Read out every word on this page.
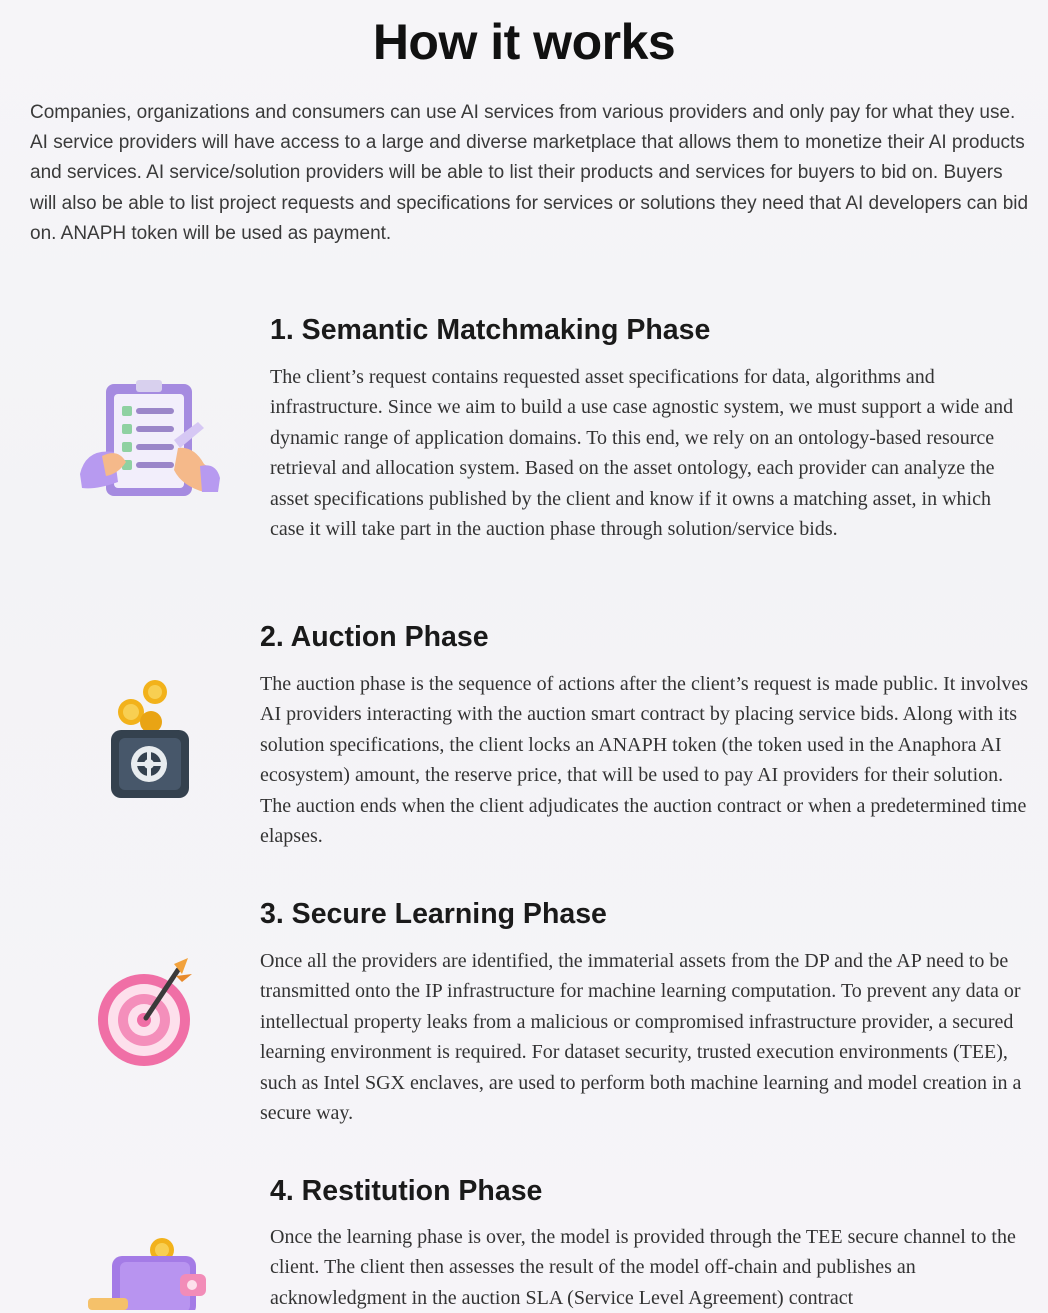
How it works

Companies, organizations and consumers can use AI services from various providers and only pay for what they use. AI service providers will have access to a large and diverse marketplace that allows them to monetize their AI products and services. AI service/solution providers will be able to list their products and services for buyers to bid on. Buyers will also be able to list project requests and specifications for services or solutions they need that AI developers can bid on. ANAPH token will be used as payment.

1. Semantic Matchmaking Phase

The client’s request contains requested asset specifications for data, algorithms and infrastructure. Since we aim to build a use case agnostic system, we must support a wide and dynamic range of application domains. To this end, we rely on an ontology-based resource retrieval and allocation system. Based on the asset ontology, each provider can analyze the asset specifications published by the client and know if it owns a matching asset, in which case it will take part in the auction phase through solution/service bids.

2. Auction Phase

The auction phase is the sequence of actions after the client’s request is made public. It involves AI providers interacting with the auction smart contract by placing service bids. Along with its solution specifications, the client locks an ANAPH token (the token used in the Anaphora AI ecosystem) amount, the reserve price, that will be used to pay AI providers for their solution. The auction ends when the client adjudicates the auction contract or when a predetermined time elapses.

3. Secure Learning Phase

Once all the providers are identified, the immaterial assets from the DP and the AP need to be transmitted onto the IP infrastructure for machine learning computation. To prevent any data or intellectual property leaks from a malicious or compromised infrastructure provider, a secured learning environment is required. For dataset security, trusted execution environments (TEE), such as Intel SGX enclaves, are used to perform both machine learning and model creation in a secure way.

4. Restitution Phase

Once the learning phase is over, the model is provided through the TEE secure channel to the client. The client then assesses the result of the model off-chain and publishes an acknowledgment in the auction SLA (Service Level Agreement) contract
